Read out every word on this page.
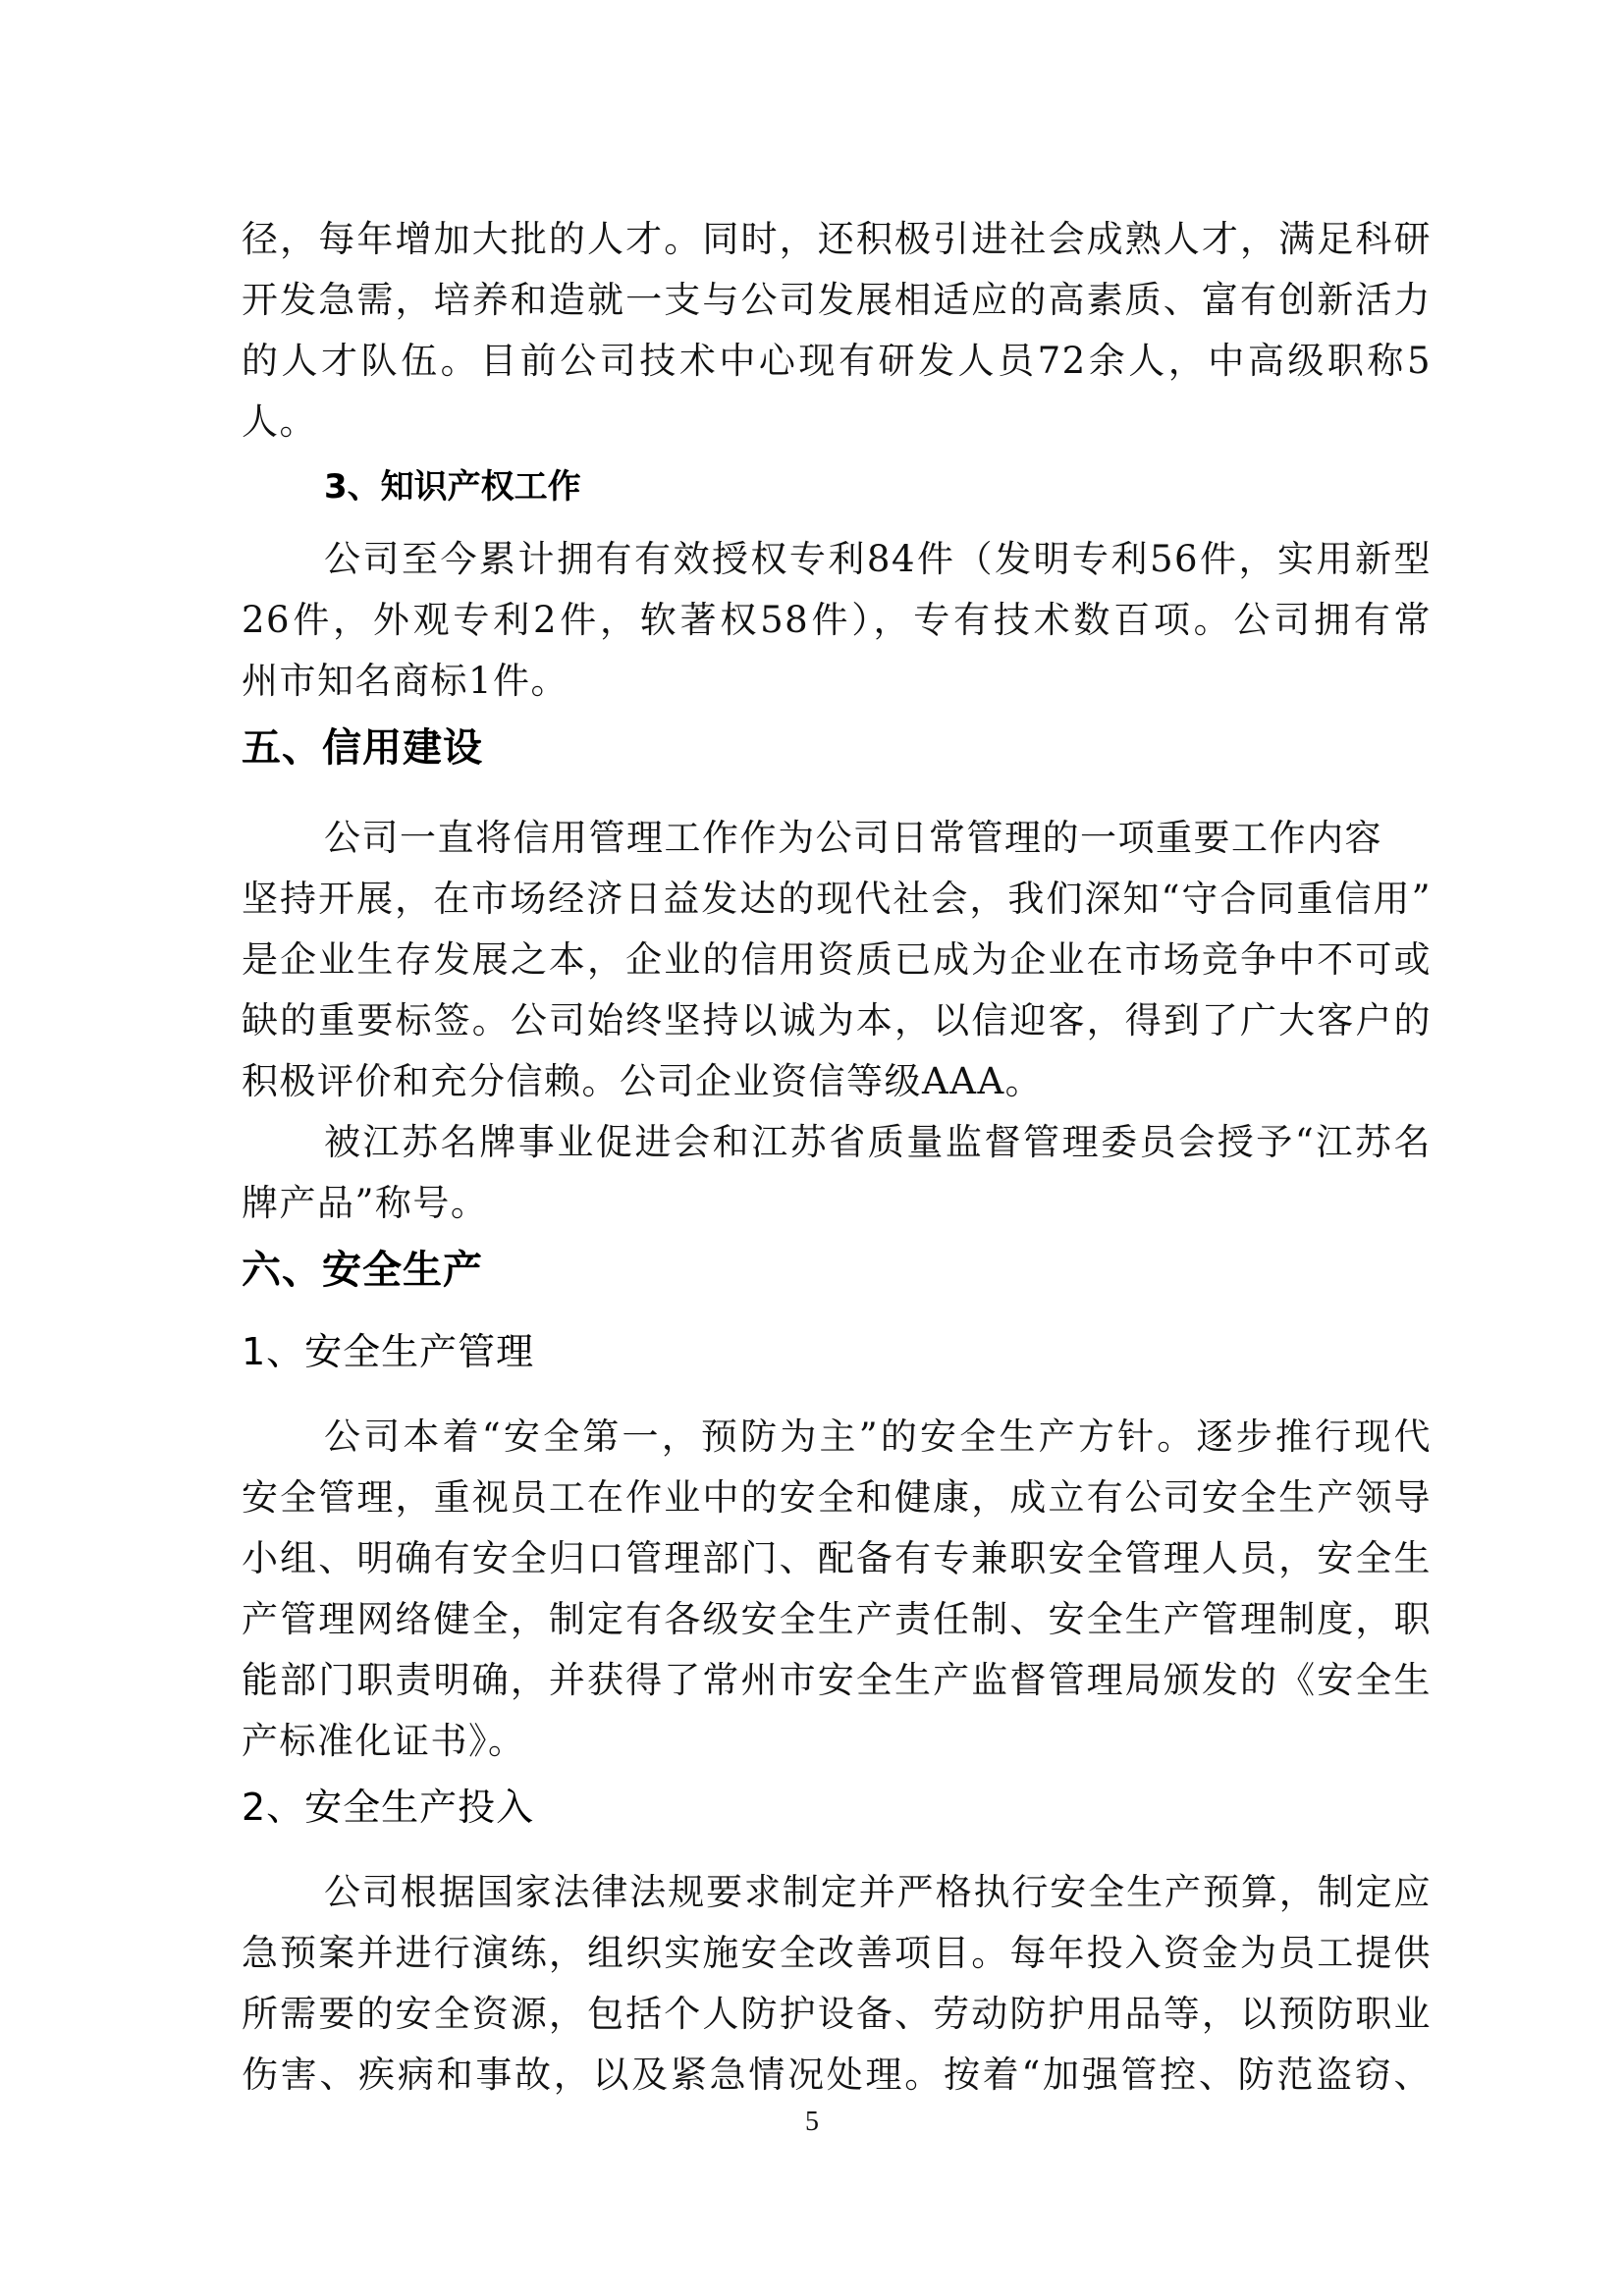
径，每年增加大批的人才。同时，还积极引进社会成熟人才，满足科研
开发急需，培养和造就一支与公司发展相适应的高素质、富有创新活力
的人才队伍。目前公司技术中心现有研发人员72余人，中高级职称5
人。
3、知识产权工作
公司至今累计拥有有效授权专利84件（发明专利56件，实用新型
26件，外观专利2件，软著权58件），专有技术数百项。公司拥有常
州市知名商标1件。
五、信用建设
公司一直将信用管理工作作为公司日常管理的一项重要工作内容
坚持开展，在市场经济日益发达的现代社会，我们深知“守合同重信用”
是企业生存发展之本，企业的信用资质已成为企业在市场竞争中不可或
缺的重要标签。公司始终坚持以诚为本，以信迎客，得到了广大客户的
积极评价和充分信赖。公司企业资信等级AAA。
被江苏名牌事业促进会和江苏省质量监督管理委员会授予“江苏名
牌产品”称号。
六、安全生产
1、安全生产管理
公司本着“安全第一，预防为主”的安全生产方针。逐步推行现代
安全管理，重视员工在作业中的安全和健康，成立有公司安全生产领导
小组、明确有安全归口管理部门、配备有专兼职安全管理人员，安全生
产管理网络健全，制定有各级安全生产责任制、安全生产管理制度，职
能部门职责明确，并获得了常州市安全生产监督管理局颁发的《安全生
产标准化证书》。
2、安全生产投入
公司根据国家法律法规要求制定并严格执行安全生产预算，制定应
急预案并进行演练，组织实施安全改善项目。每年投入资金为员工提供
所需要的安全资源，包括个人防护设备、劳动防护用品等，以预防职业
伤害、疾病和事故，以及紧急情况处理。按着“加强管控、防范盗窃、
5
